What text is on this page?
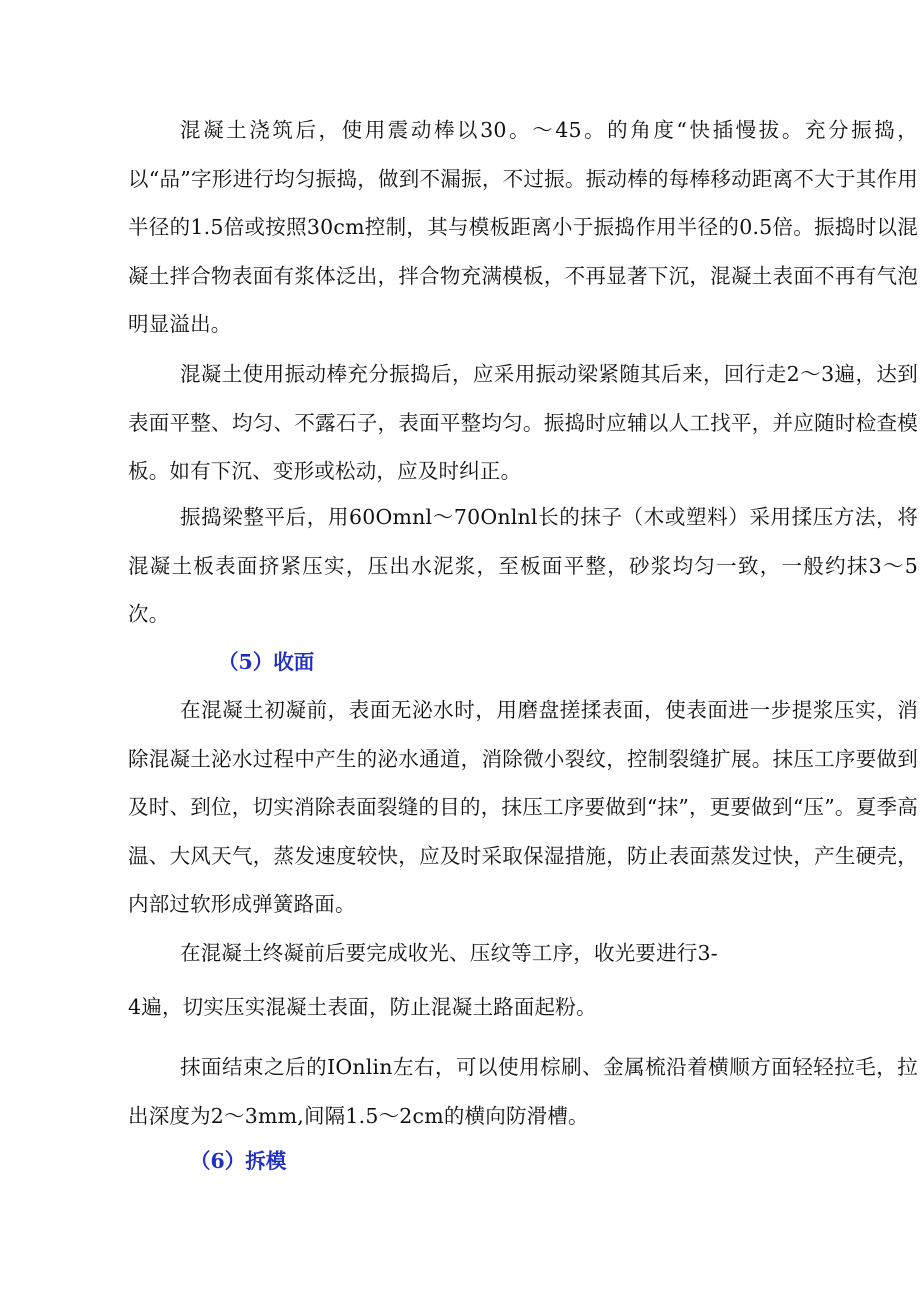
混凝土浇筑后，使用震动棒以30。～45。的角度“快插慢拔。充分振捣，以“品”字形进行均匀振捣，做到不漏振，不过振。振动棒的每棒移动距离不大于其作用半径的1.5倍或按照30cm控制，其与模板距离小于振捣作用半径的0.5倍。振捣时以混凝土拌合物表面有浆体泛出，拌合物充满模板，不再显著下沉，混凝土表面不再有气泡明显溢出。

混凝土使用振动棒充分振捣后，应采用振动梁紧随其后来，回行走2～3遍，达到表面平整、均匀、不露石子，表面平整均匀。振捣时应辅以人工找平，并应随时检查模板。如有下沉、变形或松动，应及时纠正。

振捣梁整平后，用60Omnl～70Onlnl长的抹子（木或塑料）采用揉压方法，将混凝土板表面挤紧压实，压出水泥浆，至板面平整，砂浆均匀一致，一般约抹3～5次。

（5）收面

在混凝土初凝前，表面无泌水时，用磨盘搓揉表面，使表面进一步提浆压实，消除混凝土泌水过程中产生的泌水通道，消除微小裂纹，控制裂缝扩展。抹压工序要做到及时、到位，切实消除表面裂缝的目的，抹压工序要做到“抹”，更要做到“压”。夏季高温、大风天气，蒸发速度较快，应及时采取保湿措施，防止表面蒸发过快，产生硬壳，内部过软形成弹簧路面。

在混凝土终凝前后要完成收光、压纹等工序，收光要进行3-

4遍，切实压实混凝土表面，防止混凝土路面起粉。

抹面结束之后的IOnlin左右，可以使用棕刷、金属梳沿着横顺方面轻轻拉毛，拉出深度为2～3mm,间隔1.5～2cm的横向防滑槽。

（6）拆模
